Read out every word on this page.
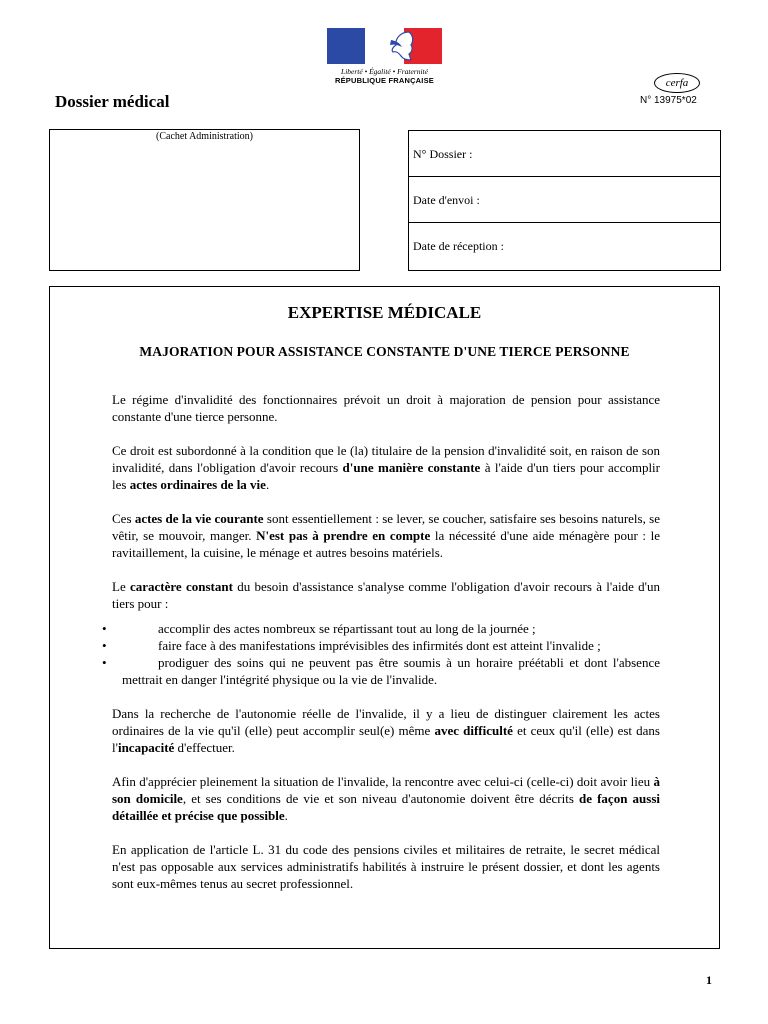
Liberté • Égalité • Fraternité
RÉPUBLIQUE FRANÇAISE	cerfa
N° 13975*02
Dossier médical
(Cachet Administration)
N° Dossier :
Date d'envoi :
Date de réception :
EXPERTISE MÉDICALE
MAJORATION POUR ASSISTANCE CONSTANTE D'UNE TIERCE PERSONNE

Le régime d'invalidité des fonctionnaires prévoit un droit à majoration de pension pour assistance constante d'une tierce personne.

Ce droit est subordonné à la condition que le (la) titulaire de la pension d'invalidité soit, en raison de son invalidité, dans l'obligation d'avoir recours d'une manière constante à l'aide d'un tiers pour accomplir les actes ordinaires de la vie.

Ces actes de la vie courante sont essentiellement : se lever, se coucher, satisfaire ses besoins naturels, se vêtir, se mouvoir, manger. N'est pas à prendre en compte la nécessité d'une aide ménagère pour : le ravitaillement, la cuisine, le ménage et autres besoins matériels.

Le caractère constant du besoin d'assistance s'analyse comme l'obligation d'avoir recours à l'aide d'un tiers pour :

•	accomplir des actes nombreux se répartissant tout au long de la journée ;
•	faire face à des manifestations imprévisibles des infirmités dont est atteint l'invalide ;
•	prodiguer des soins qui ne peuvent pas être soumis à un horaire préétabli et dont l'absence mettrait en danger l'intégrité physique ou la vie de l'invalide.

Dans la recherche de l'autonomie réelle de l'invalide, il y a lieu de distinguer clairement les actes ordinaires de la vie qu'il (elle) peut accomplir seul(e) même avec difficulté et ceux qu'il (elle) est dans l'incapacité d'effectuer.

Afin d'apprécier pleinement la situation de l'invalide, la rencontre avec celui-ci (celle-ci) doit avoir lieu à son domicile, et ses conditions de vie et son niveau d'autonomie doivent être décrits de façon aussi détaillée et précise que possible.

En application de l'article L. 31 du code des pensions civiles et militaires de retraite, le secret médical n'est pas opposable aux services administratifs habilités à instruire le présent dossier, et dont les agents sont eux-mêmes tenus au secret professionnel.

1
